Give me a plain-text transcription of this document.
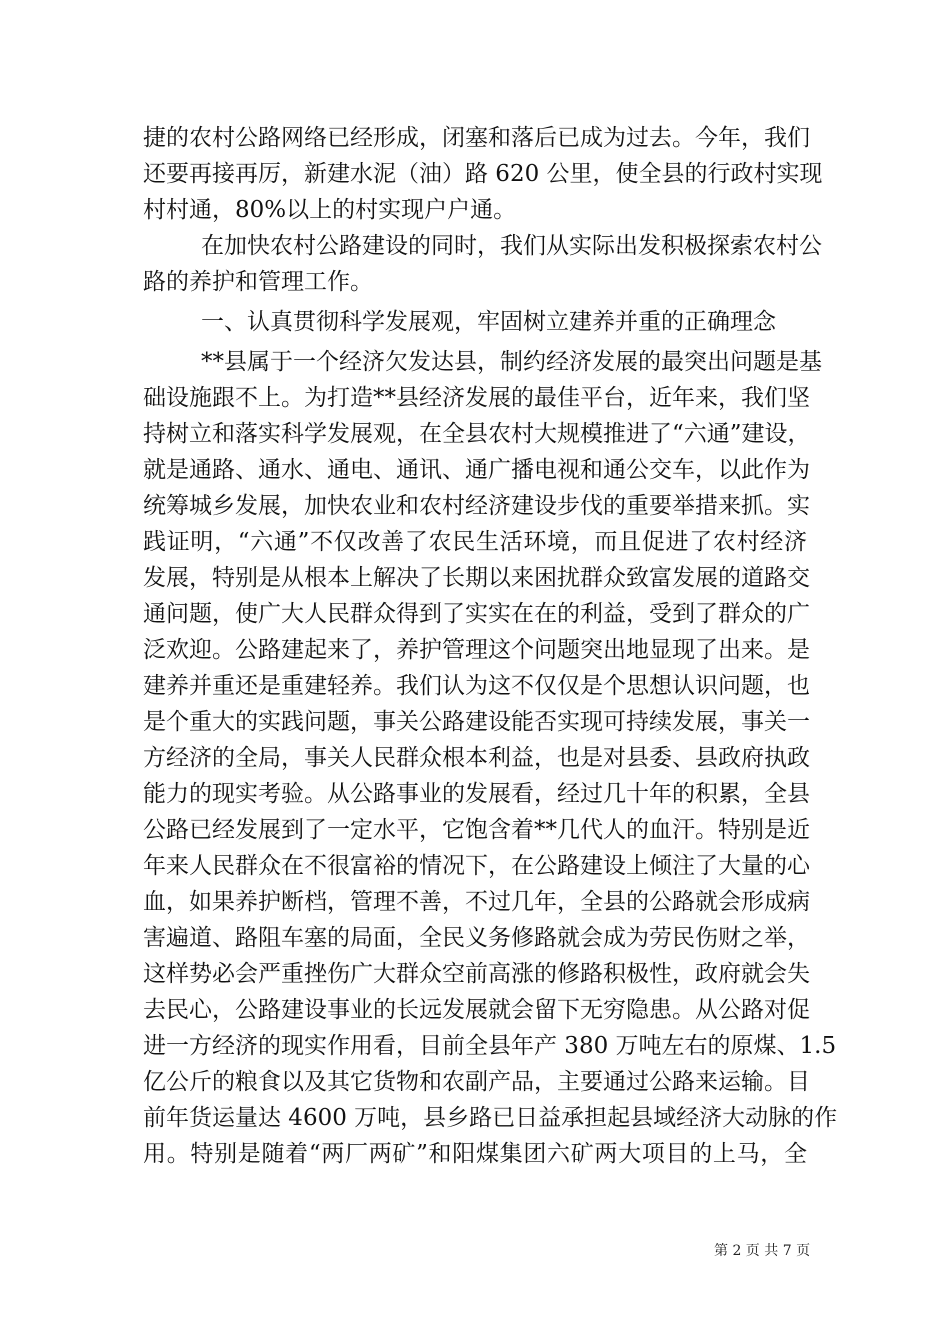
捷的农村公路网络已经形成，闭塞和落后已成为过去。今年，我们
还要再接再厉，新建水泥（油）路 620 公里，使全县的行政村实现
村村通，80%以上的村实现户户通。
在加快农村公路建设的同时，我们从实际出发积极探索农村公
路的养护和管理工作。
一、认真贯彻科学发展观，牢固树立建养并重的正确理念
**县属于一个经济欠发达县，制约经济发展的最突出问题是基
础设施跟不上。为打造**县经济发展的最佳平台，近年来，我们坚
持树立和落实科学发展观，在全县农村大规模推进了“六通”建设，
就是通路、通水、通电、通讯、通广播电视和通公交车，以此作为
统筹城乡发展，加快农业和农村经济建设步伐的重要举措来抓。实
践证明，“六通”不仅改善了农民生活环境，而且促进了农村经济
发展，特别是从根本上解决了长期以来困扰群众致富发展的道路交
通问题，使广大人民群众得到了实实在在的利益，受到了群众的广
泛欢迎。公路建起来了，养护管理这个问题突出地显现了出来。是
建养并重还是重建轻养。我们认为这不仅仅是个思想认识问题，也
是个重大的实践问题，事关公路建设能否实现可持续发展，事关一
方经济的全局，事关人民群众根本利益，也是对县委、县政府执政
能力的现实考验。从公路事业的发展看，经过几十年的积累，全县
公路已经发展到了一定水平，它饱含着**几代人的血汗。特别是近
年来人民群众在不很富裕的情况下，在公路建设上倾注了大量的心
血，如果养护断档，管理不善，不过几年，全县的公路就会形成病
害遍道、路阻车塞的局面，全民义务修路就会成为劳民伤财之举，
这样势必会严重挫伤广大群众空前高涨的修路积极性，政府就会失
去民心，公路建设事业的长远发展就会留下无穷隐患。从公路对促
进一方经济的现实作用看，目前全县年产 380 万吨左右的原煤、1.5
亿公斤的粮食以及其它货物和农副产品，主要通过公路来运输。目
前年货运量达 4600 万吨，县乡路已日益承担起县域经济大动脉的作
用。特别是随着“两厂两矿”和阳煤集团六矿两大项目的上马，全
第 2 页 共 7 页
